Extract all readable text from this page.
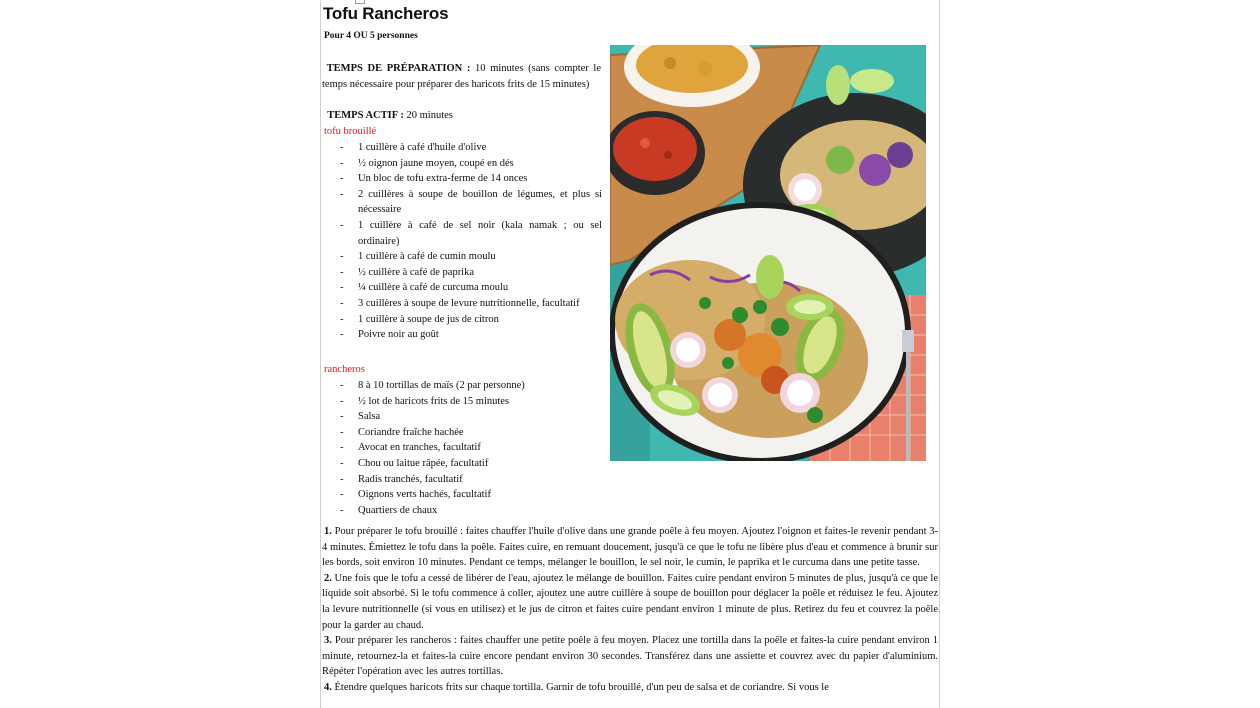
Tofu Rancheros
Pour 4 OU 5 personnes
TEMPS DE PRÉPARATION : 10 minutes (sans compter le temps nécessaire pour préparer des haricots frits de 15 minutes)
TEMPS ACTIF : 20 minutes
tofu brouillé
- 1 cuillère à café d'huile d'olive
- ½ oignon jaune moyen, coupé en dés
- Un bloc de tofu extra-ferme de 14 onces
- 2 cuillères à soupe de bouillon de légumes, et plus si nécessaire
- 1 cuillère à café de sel noir (kala namak ; ou sel ordinaire)
- 1 cuillère à café de cumin moulu
- ½ cuillère à café de paprika
- ¼ cuillère à café de curcuma moulu
- 3 cuillères à soupe de levure nutritionnelle, facultatif
- 1 cuillère à soupe de jus de citron
- Poivre noir au goût
rancheros
- 8 à 10 tortillas de maïs (2 par personne)
- ½ lot de haricots frits de 15 minutes
- Salsa
- Coriandre fraîche hachée
- Avocat en tranches, facultatif
- Chou ou laitue râpée, facultatif
- Radis tranchés, facultatif
- Oignons verts hachés, facultatif
- Quartiers de chaux

1. Pour préparer le tofu brouillé : faites chauffer l'huile d'olive dans une grande poêle à feu moyen. Ajoutez l'oignon et faites-le revenir pendant 3-4 minutes. Émiettez le tofu dans la poêle. Faites cuire, en remuant doucement, jusqu'à ce que le tofu ne libère plus d'eau et commence à brunir sur les bords, soit environ 10 minutes. Pendant ce temps, mélanger le bouillon, le sel noir, le cumin, le paprika et le curcuma dans une petite tasse.

2. Une fois que le tofu a cessé de libérer de l'eau, ajoutez le mélange de bouillon. Faites cuire pendant environ 5 minutes de plus, jusqu'à ce que le liquide soit absorbé. Si le tofu commence à coller, ajoutez une autre cuillère à soupe de bouillon pour déglacer la poêle et réduisez le feu. Ajoutez la levure nutritionnelle (si vous en utilisez) et le jus de citron et faites cuire pendant environ 1 minute de plus. Retirez du feu et couvrez la poêle pour la garder au chaud.

3. Pour préparer les rancheros : faites chauffer une petite poêle à feu moyen. Placez une tortilla dans la poêle et faites-la cuire pendant environ 1 minute, retournez-la et faites-la cuire encore pendant environ 30 secondes. Transférez dans une assiette et couvrez avec du papier d'aluminium. Répéter l'opération avec les autres tortillas.

4. Étendre quelques haricots frits sur chaque tortilla. Garnir de tofu brouillé, d'un peu de salsa et de coriandre. Si vous le
